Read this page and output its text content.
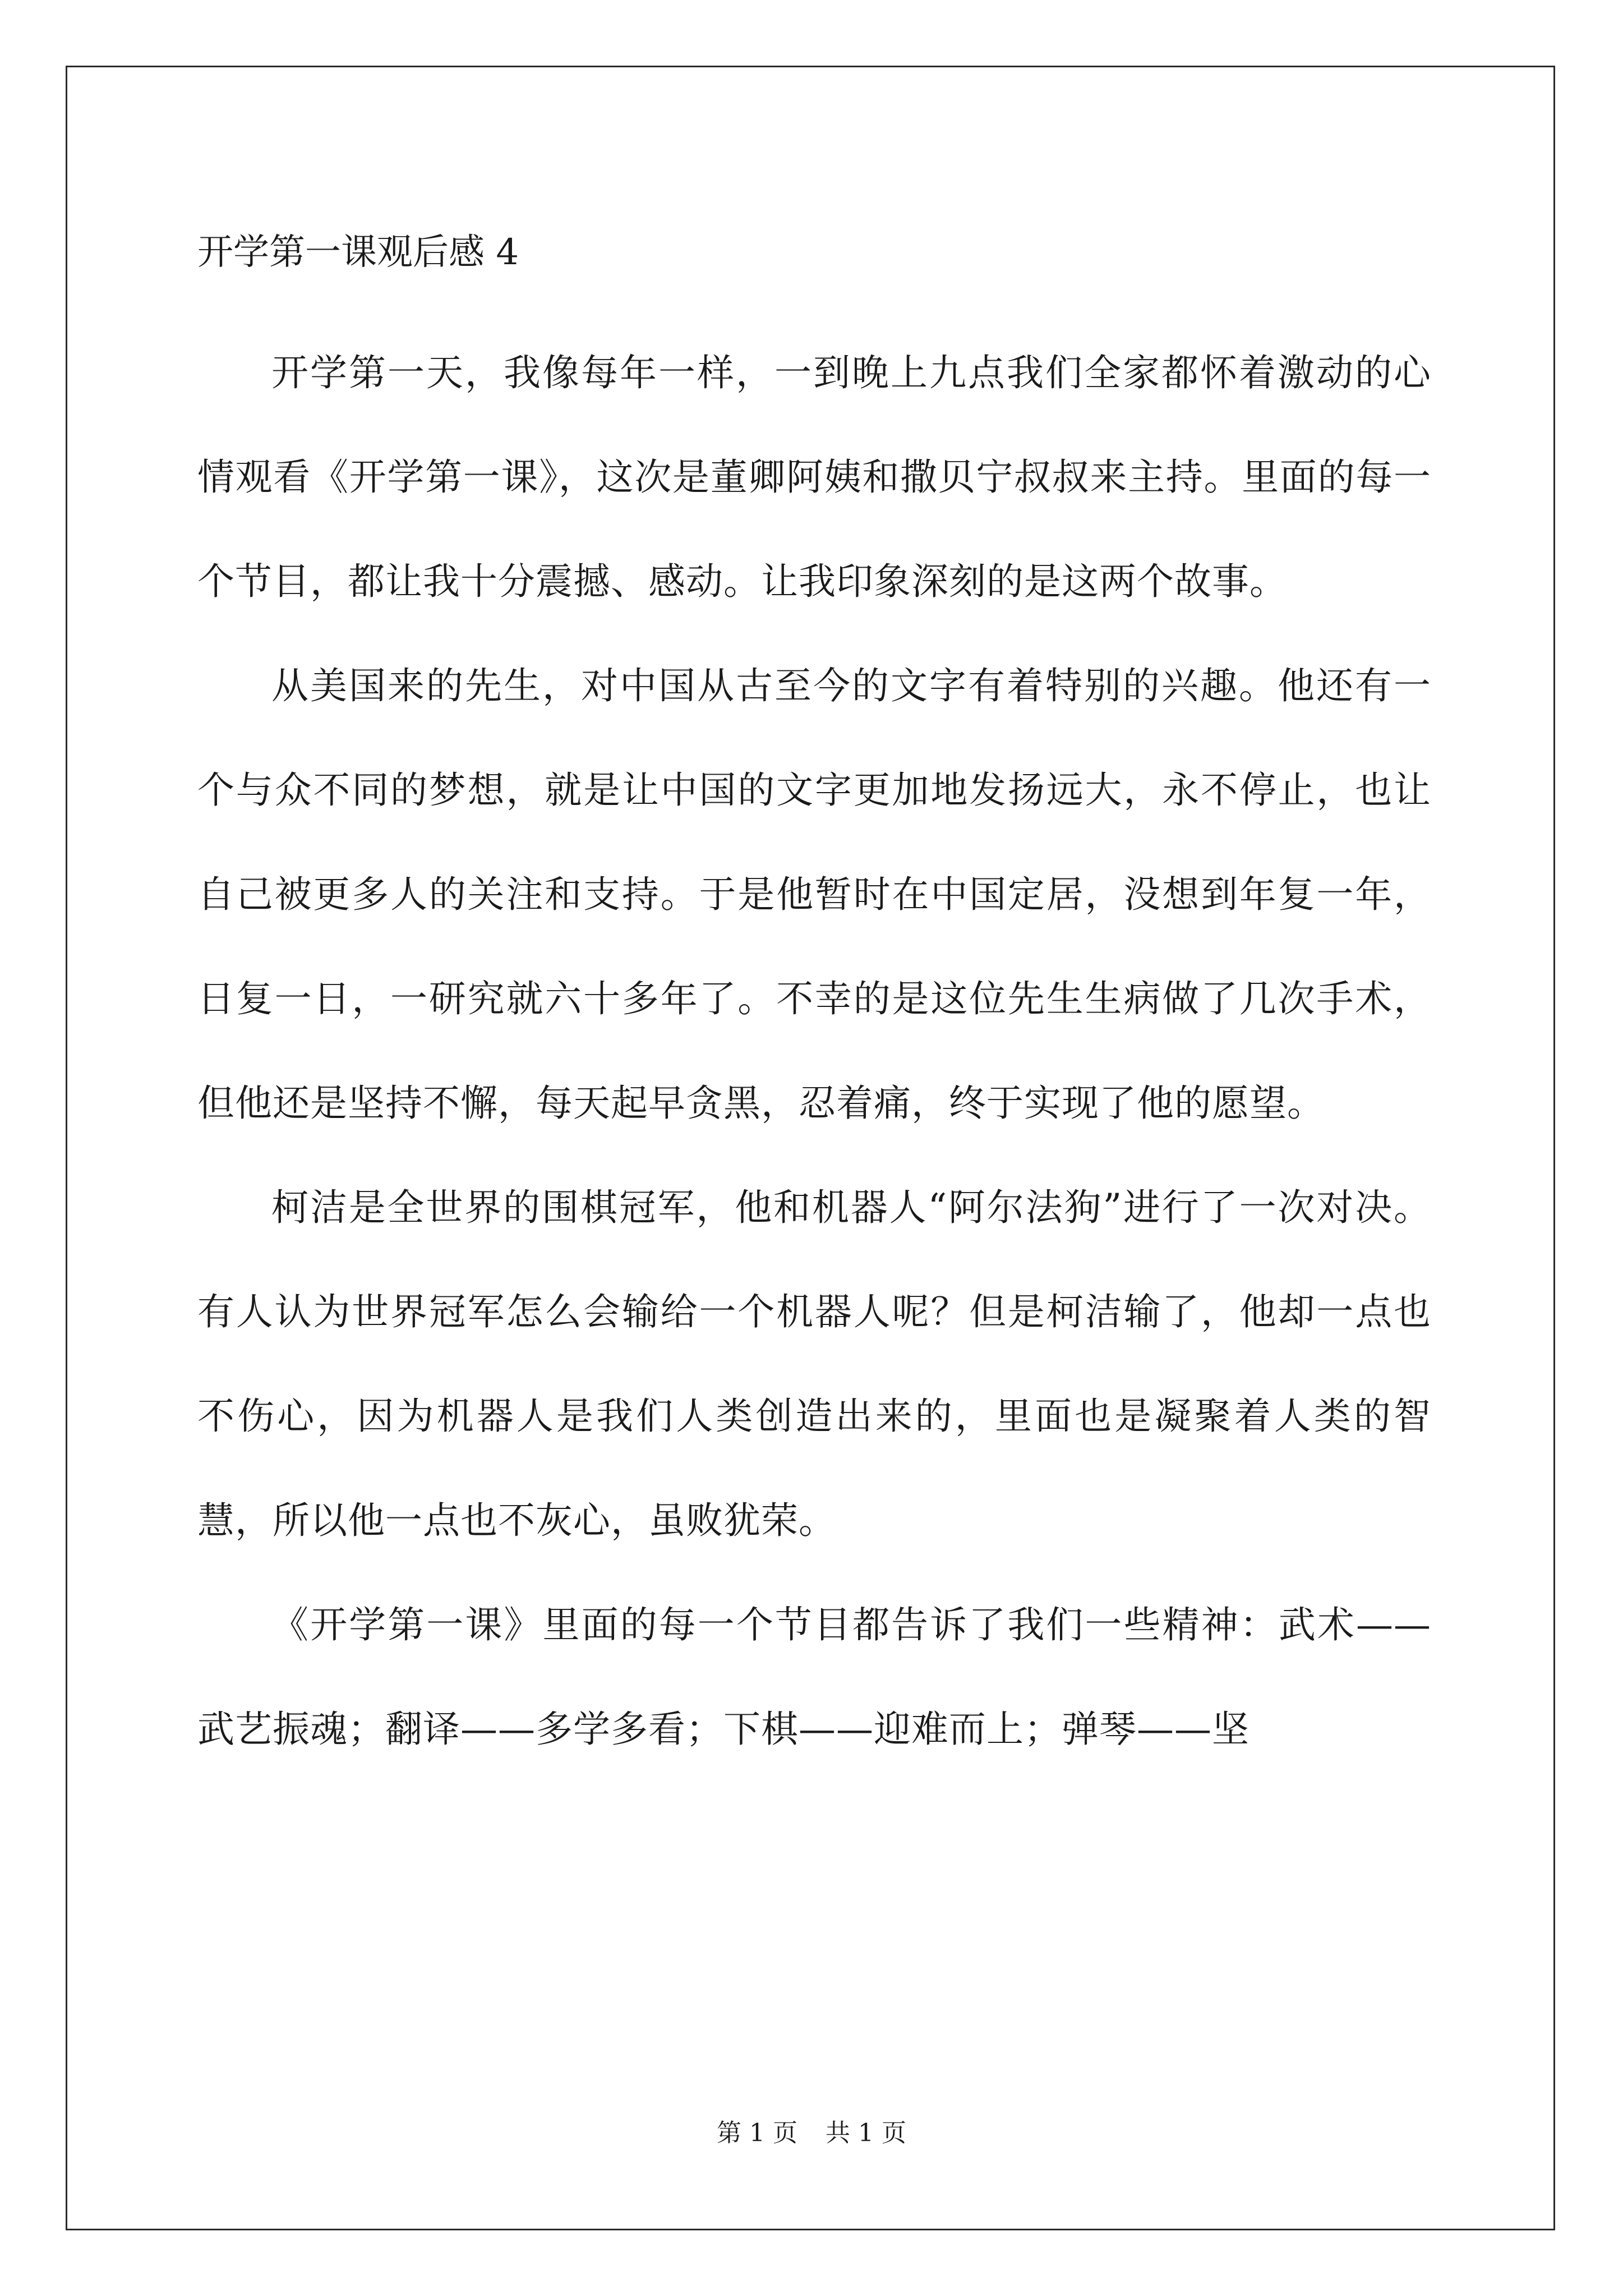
开学第一课观后感 4

开学第一天，我像每年一样，一到晚上九点我们全家都怀着激动的心情观看《开学第一课》，这次是董卿阿姨和撒贝宁叔叔来主持。里面的每一个节目，都让我十分震撼、感动。让我印象深刻的是这两个故事。

从美国来的先生，对中国从古至今的文字有着特别的兴趣。他还有一个与众不同的梦想，就是让中国的文字更加地发扬远大，永不停止，也让自己被更多人的关注和支持。于是他暂时在中国定居，没想到年复一年，日复一日，一研究就六十多年了。不幸的是这位先生生病做了几次手术，但他还是坚持不懈，每天起早贪黑，忍着痛，终于实现了他的愿望。

柯洁是全世界的围棋冠军，他和机器人“阿尔法狗”进行了一次对决。有人认为世界冠军怎么会输给一个机器人呢？但是柯洁输了，他却一点也不伤心，因为机器人是我们人类创造出来的，里面也是凝聚着人类的智慧，所以他一点也不灰心，虽败犹荣。

《开学第一课》里面的每一个节目都告诉了我们一些精神：武术——武艺振魂；翻译——多学多看；下棋——迎难而上；弹琴——坚

第 1 页 共 1 页
